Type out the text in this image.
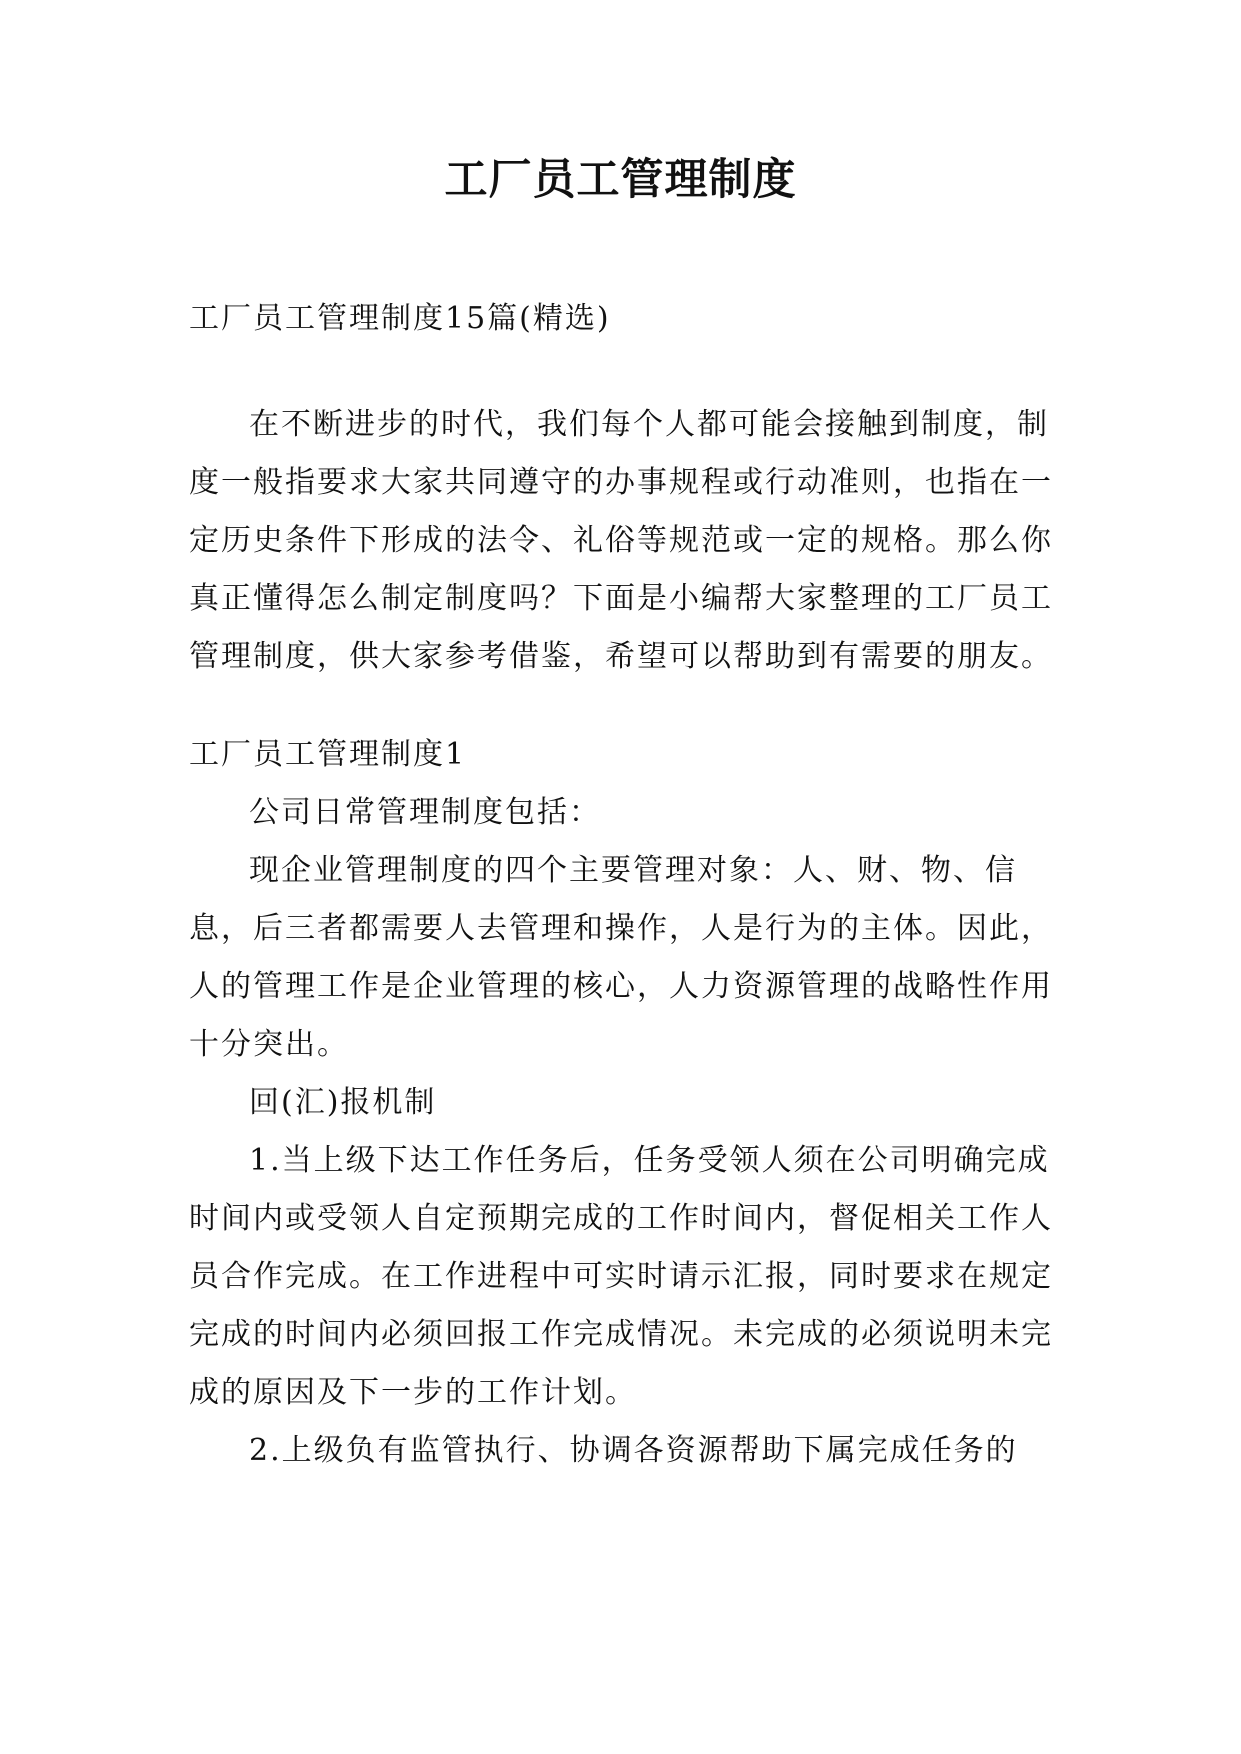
工厂员工管理制度

工厂员工管理制度15篇(精选)

在不断进步的时代，我们每个人都可能会接触到制度，制度一般指要求大家共同遵守的办事规程或行动准则，也指在一定历史条件下形成的法令、礼俗等规范或一定的规格。那么你真正懂得怎么制定制度吗？下面是小编帮大家整理的工厂员工管理制度，供大家参考借鉴，希望可以帮助到有需要的朋友。

工厂员工管理制度1

公司日常管理制度包括：

现企业管理制度的四个主要管理对象：人、财、物、信息，后三者都需要人去管理和操作，人是行为的主体。因此，人的管理工作是企业管理的核心，人力资源管理的战略性作用十分突出。

回(汇)报机制

1.当上级下达工作任务后，任务受领人须在公司明确完成时间内或受领人自定预期完成的工作时间内，督促相关工作人员合作完成。在工作进程中可实时请示汇报，同时要求在规定完成的时间内必须回报工作完成情况。未完成的必须说明未完成的原因及下一步的工作计划。

2.上级负有监管执行、协调各资源帮助下属完成任务的
